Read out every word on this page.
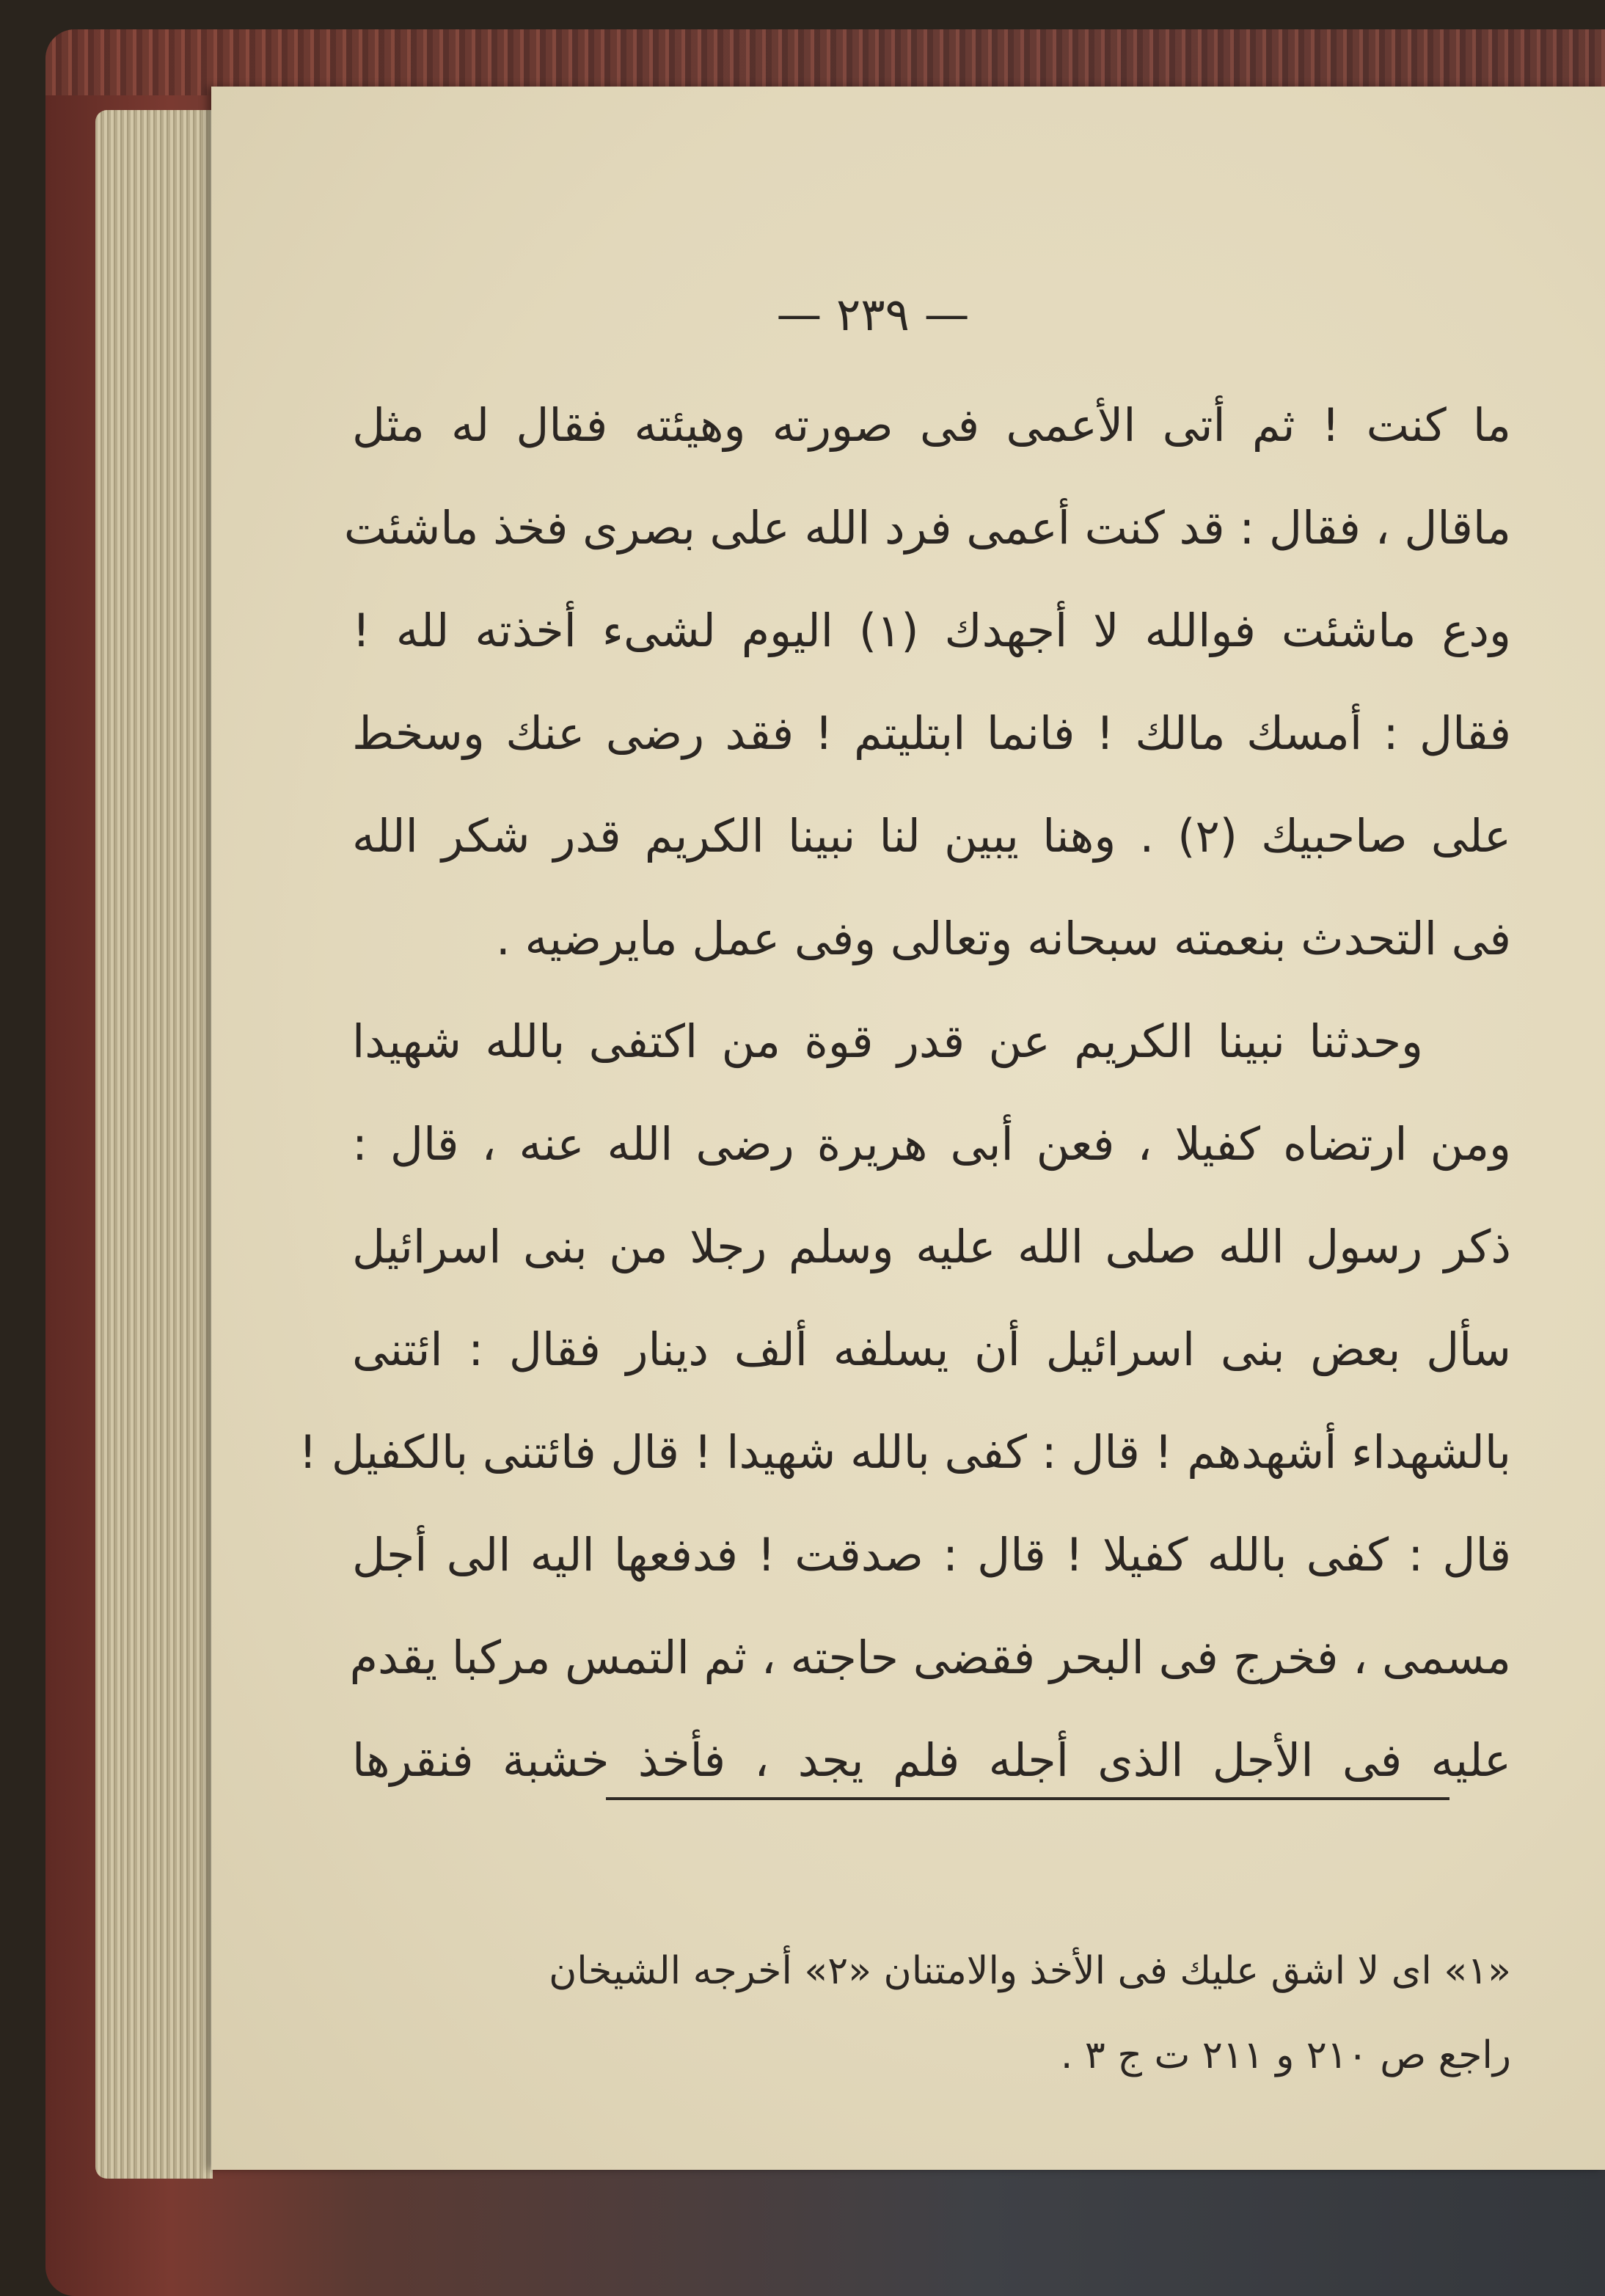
— ٢٣٩ —
ما كنت ! ثم أتى الأعمى فى صورته وهيئته فقال له مثل
ماقال ، فقال : قد كنت أعمى فرد الله على بصرى فخذ ماشئت
ودع ماشئت فوالله لا أجهدك (١) اليوم لشىء أخذته لله !
فقال : أمسك مالك ! فانما ابتليتم ! فقد رضى عنك وسخط
على صاحبيك (٢) . وهنا يبين لنا نبينا الكريم قدر شكر الله
فى التحدث بنعمته سبحانه وتعالى وفى عمل مايرضيه .
وحدثنا نبينا الكريم عن قدر قوة من اكتفى بالله شهيدا
ومن ارتضاه كفيلا ، فعن أبى هريرة رضى الله عنه ، قال :
ذكر رسول الله صلى الله عليه وسلم رجلا من بنى اسرائيل
سأل بعض بنى اسرائيل أن يسلفه ألف دينار فقال : ائتنى
بالشهداء أشهدهم ! قال : كفى بالله شهيدا ! قال فائتنى بالكفيل !
قال : كفى بالله كفيلا ! قال : صدقت ! فدفعها اليه الى أجل
مسمى ، فخرج فى البحر فقضى حاجته ، ثم التمس مركبا يقدم
عليه فى الأجل الذى أجله فلم يجد ، فأخذ خشبة فنقرها
«١» اى لا اشق عليك فى الأخذ والامتنان «٢» أخرجه الشيخان
راجع ص ٢١٠ و ٢١١ ت ج ٣ .
